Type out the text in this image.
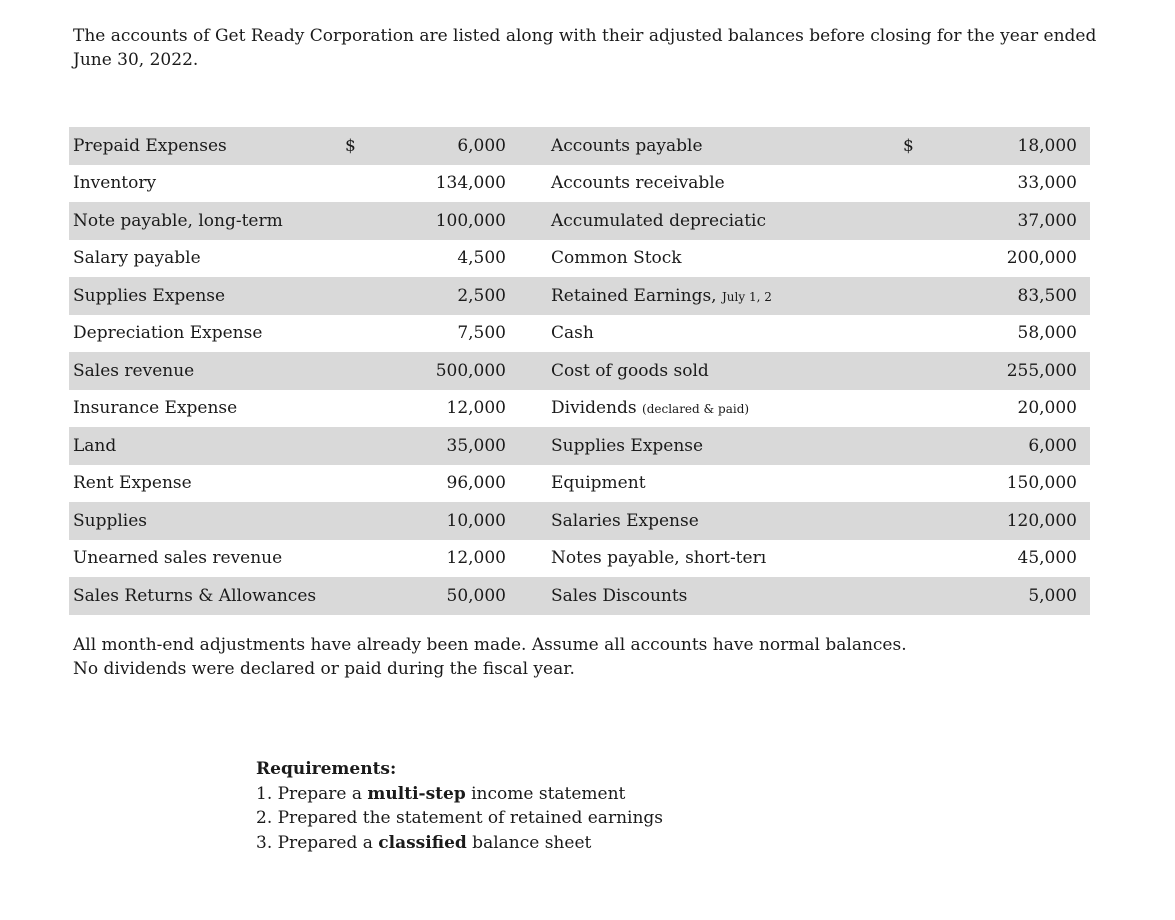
The accounts of Get Ready Corporation are listed along with their adjusted balances before closing for the year ended June 30, 2022.

Prepaid Expenses	$	6,000	Accounts payable	$	18,000
Inventory		134,000	Accounts receivable		33,000
Note payable, long-term		100,000	Accumulated depreciatic		37,000
Salary payable		4,500	Common Stock		200,000
Supplies Expense		2,500	Retained Earnings, July 1, 2		83,500
Depreciation Expense		7,500	Cash		58,000
Sales revenue		500,000	Cost of goods sold		255,000
Insurance Expense		12,000	Dividends (declared & paid)		20,000
Land		35,000	Supplies Expense		6,000
Rent Expense		96,000	Equipment		150,000
Supplies		10,000	Salaries Expense		120,000
Unearned sales revenue		12,000	Notes payable, short-terı		45,000
Sales Returns & Allowances		50,000	Sales Discounts		5,000
All month-end adjustments have already been made. Assume all accounts have normal balances.
No dividends were declared or paid during the fiscal year.
Requirements:
1. Prepare a multi-step income statement
2. Prepared the statement of retained earnings
3. Prepared a classified balance sheet
